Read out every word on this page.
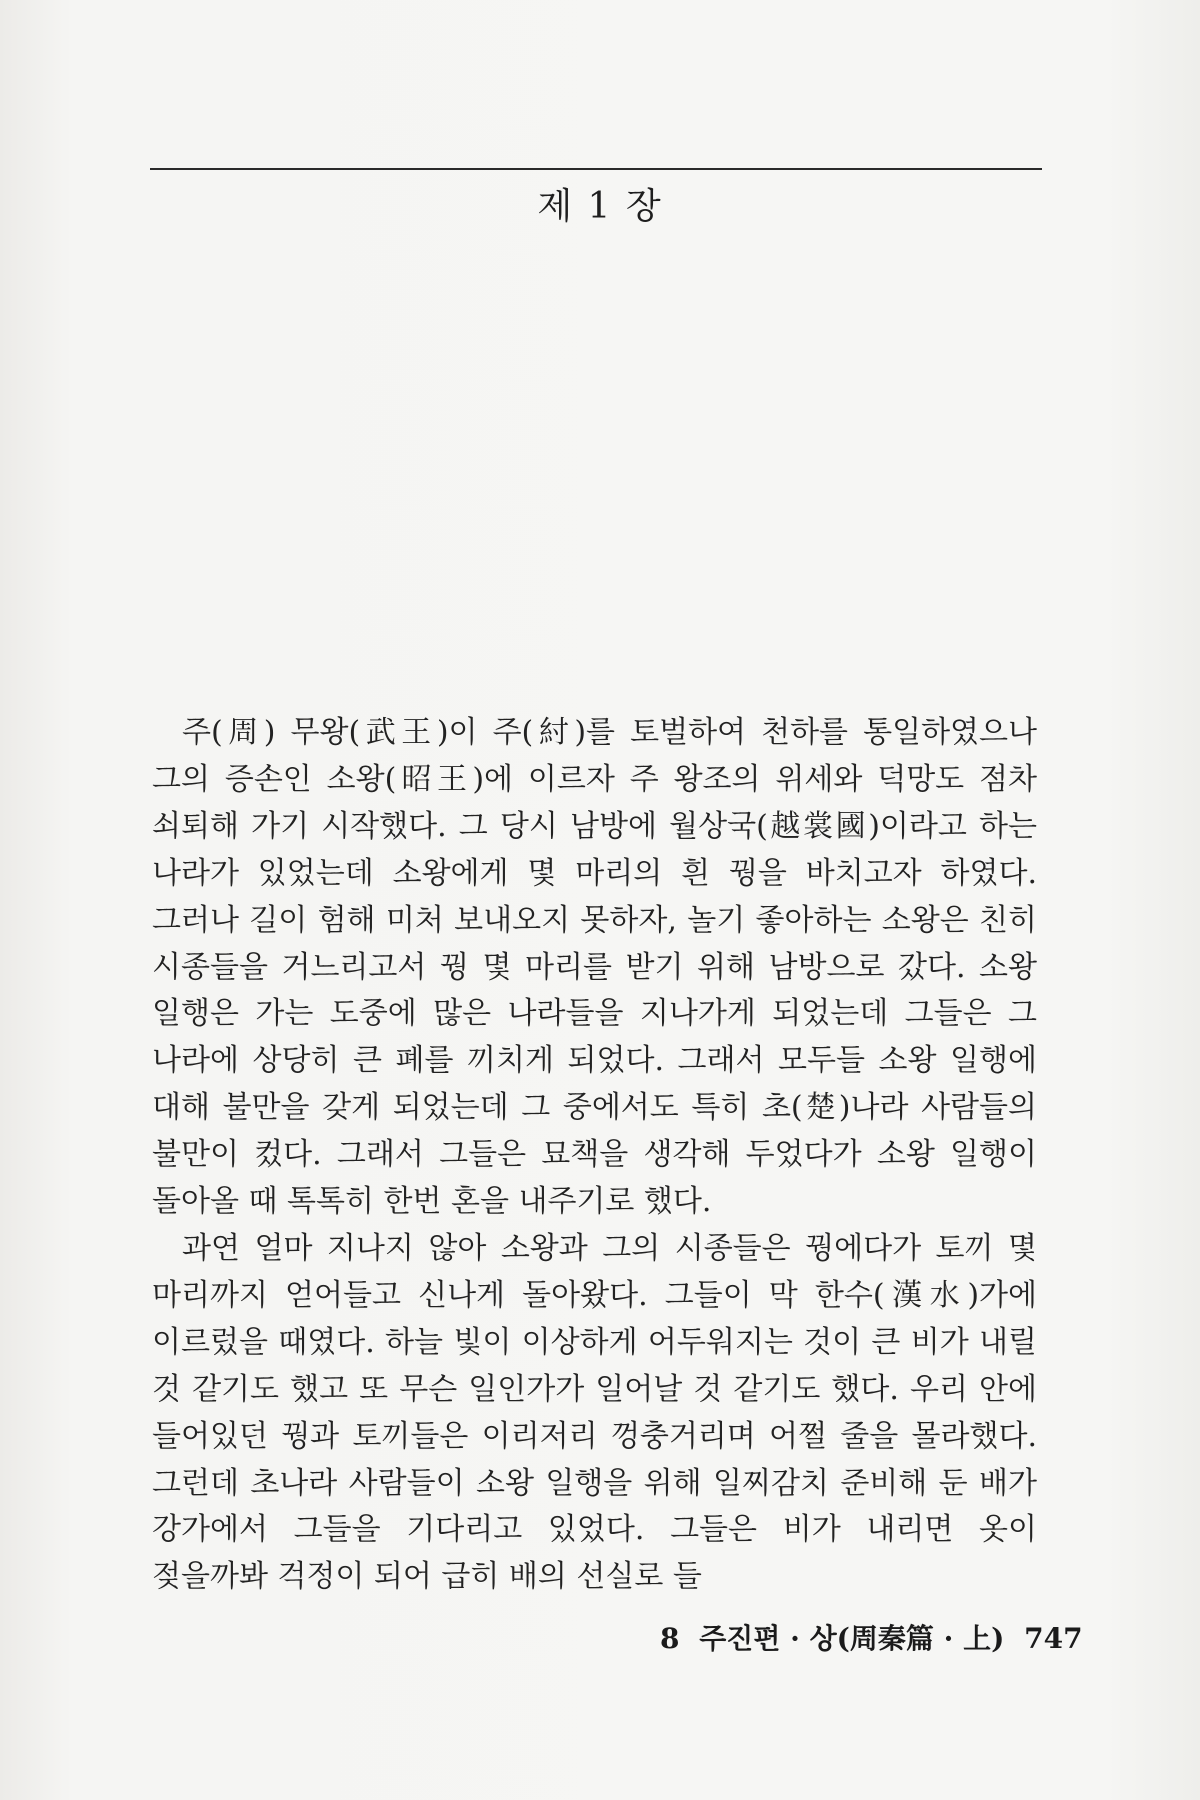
제 1 장

주(周) 무왕(武王)이 주(紂)를 토벌하여 천하를 통일하였으나 그의 증손인 소왕(昭王)에 이르자 주 왕조의 위세와 덕망도 점차 쇠퇴해 가기 시작했다. 그 당시 남방에 월상국(越裳國)이라고 하는 나라가 있었는데 소왕에게 몇 마리의 흰 꿩을 바치고자 하였다. 그러나 길이 험해 미처 보내오지 못하자, 놀기 좋아하는 소왕은 친히 시종들을 거느리고서 꿩 몇 마리를 받기 위해 남방으로 갔다. 소왕 일행은 가는 도중에 많은 나라들을 지나가게 되었는데 그들은 그 나라에 상당히 큰 폐를 끼치게 되었다. 그래서 모두들 소왕 일행에 대해 불만을 갖게 되었는데 그 중에서도 특히 초(楚)나라 사람들의 불만이 컸다. 그래서 그들은 묘책을 생각해 두었다가 소왕 일행이 돌아올 때 톡톡히 한번 혼을 내주기로 했다.

과연 얼마 지나지 않아 소왕과 그의 시종들은 꿩에다가 토끼 몇 마리까지 얻어들고 신나게 돌아왔다. 그들이 막 한수(漢水)가에 이르렀을 때였다. 하늘 빛이 이상하게 어두워지는 것이 큰 비가 내릴 것 같기도 했고 또 무슨 일인가가 일어날 것 같기도 했다. 우리 안에 들어있던 꿩과 토끼들은 이리저리 껑충거리며 어쩔 줄을 몰라했다. 그런데 초나라 사람들이 소왕 일행을 위해 일찌감치 준비해 둔 배가 강가에서 그들을 기다리고 있었다. 그들은 비가 내리면 옷이 젖을까봐 걱정이 되어 급히 배의 선실로 들

8 주진편 · 상(周秦篇 · 上) 747
